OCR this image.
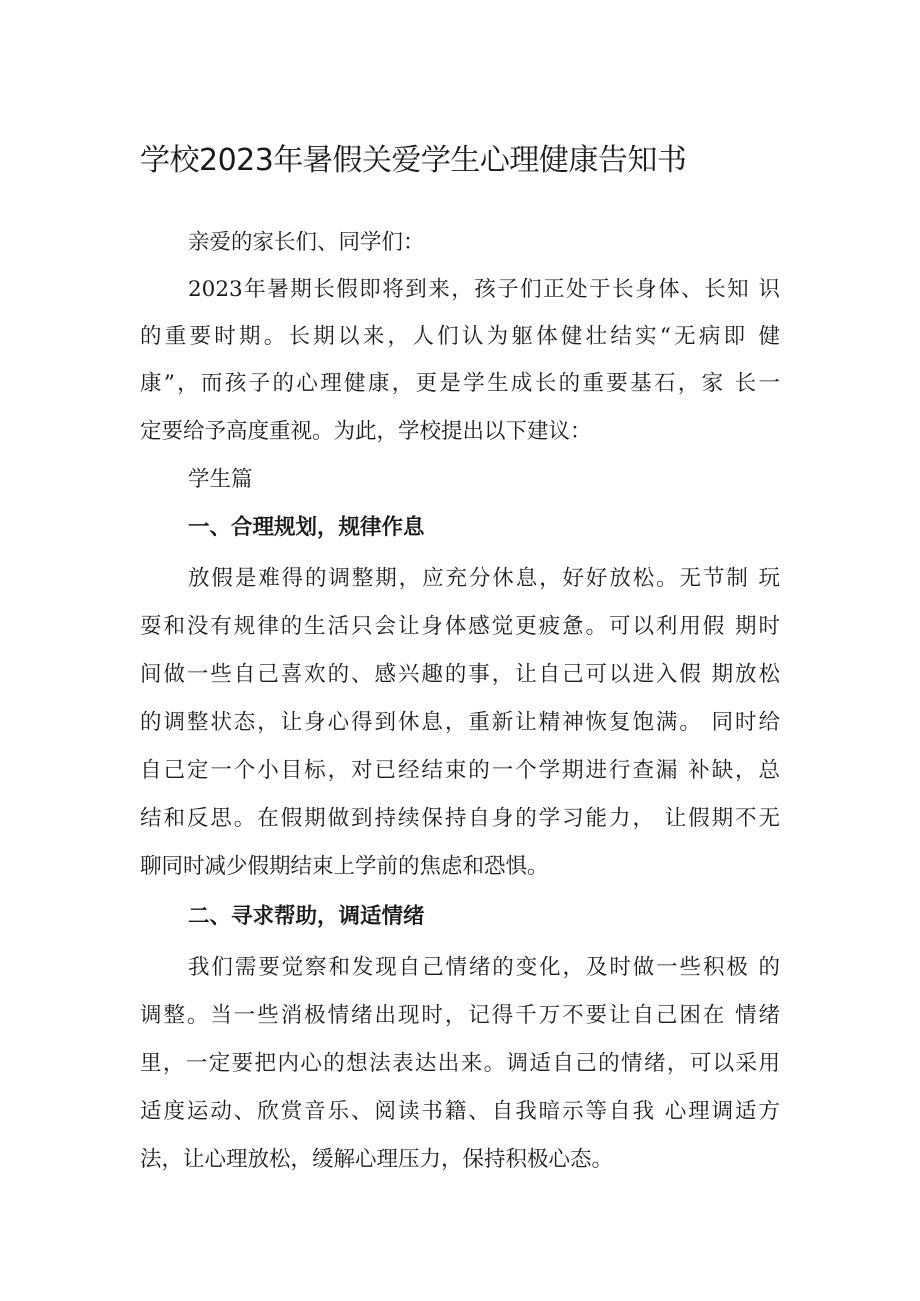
学校2023年暑假关爱学生心理健康告知书
亲爱的家长们、同学们：
2023年暑期长假即将到来，孩子们正处于长身体、长知 识
的重要时期。长期以来，人们认为躯体健壮结实“无病即 健
康”，而孩子的心理健康，更是学生成长的重要基石，家 长一
定要给予高度重视。为此，学校提出以下建议：
学生篇
一、合理规划，规律作息
放假是难得的调整期，应充分休息，好好放松。无节制 玩
耍和没有规律的生活只会让身体感觉更疲惫。可以利用假 期时
间做一些自己喜欢的、感兴趣的事，让自己可以进入假 期放松
的调整状态，让身心得到休息，重新让精神恢复饱满。 同时给
自己定一个小目标，对已经结束的一个学期进行查漏 补缺，总
结和反思。在假期做到持续保持自身的学习能力， 让假期不无
聊同时减少假期结束上学前的焦虑和恐惧。
二、寻求帮助，调适情绪
我们需要觉察和发现自己情绪的变化，及时做一些积极 的
调整。当一些消极情绪出现时，记得千万不要让自己困在 情绪
里，一定要把内心的想法表达出来。调适自己的情绪，可以采用
适度运动、欣赏音乐、阅读书籍、自我暗示等自我 心理调适方
法，让心理放松，缓解心理压力，保持积极心态。
